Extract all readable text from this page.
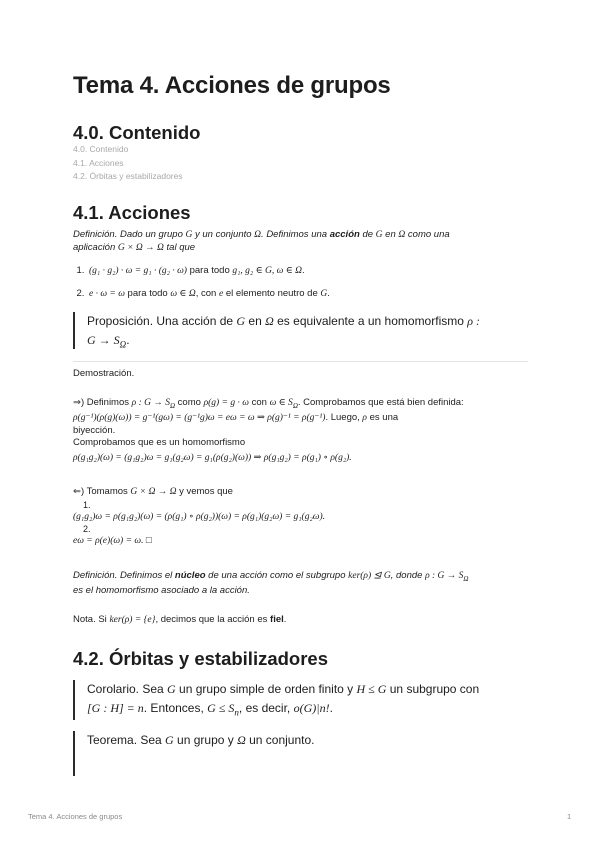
Tema 4. Acciones de grupos
4.0. Contenido
4.0. Contenido
4.1. Acciones
4.2. Órbitas y estabilizadores
4.1. Acciones
Definición. Dado un grupo G y un conjunto Ω. Definimos una acción de G en Ω como una
aplicación G × Ω → Ω tal que
1. (g₁ · g₂) · ω = g₁ · (g₂ · ω) para todo g₁, g₂ ∈ G, ω ∈ Ω.
2. e · ω = ω para todo ω ∈ Ω, con e el elemento neutro de G.
Proposición. Una acción de G en Ω es equivalente a un homomorfismo ρ :
$G \to S_\Omega$.
Demostración.
⇒) Definimos ρ : $G \to S_\Omega$ como ρ(g) = g · ω con ω ∈ $S_\Omega$. Comprobamos que está bien definida:
ρ(g⁻¹)(ρ(g)(ω)) = g⁻¹(gω) = (g⁻¹g)ω = eω = ω ⇒ ρ(g)⁻¹ = ρ(g⁻¹). Luego, ρ es una
biyección.
Comprobamos que es un homomorfismo
ρ(g₁g₂)(ω) = (g₁g₂)ω = g₁(g₂ω) = g₁(ρ(g₂)(ω)) ⇒ ρ(g₁g₂) = ρ(g₁) ∘ ρ(g₂).
⇐) Tomamos G × Ω → Ω y vemos que
1.
(g₁g₂)ω = ρ(g₁g₂)(ω) = (ρ(g₁) ∘ ρ(g₂))(ω) = ρ(g₁)(g₂ω) = g₁(g₂ω).
2.
eω = ρ(e)(ω) = ω. □
Definición. Definimos el núcleo de una acción como el subgrupo ker(ρ) ⊴ G, donde ρ : $G \to S_\Omega$
es el homomorfismo asociado a la acción.
Nota. Si ker(ρ) = {e}, decimos que la acción es fiel.
4.2. Órbitas y estabilizadores
Corolario. Sea G un grupo simple de orden finito y H ≤ G un subgrupo con
[G : H] = n. Entonces, $G \le S_n$, es decir, o(G)|n!.
Teorema. Sea G un grupo y Ω un conjunto.
Tema 4. Acciones de grupos	1
